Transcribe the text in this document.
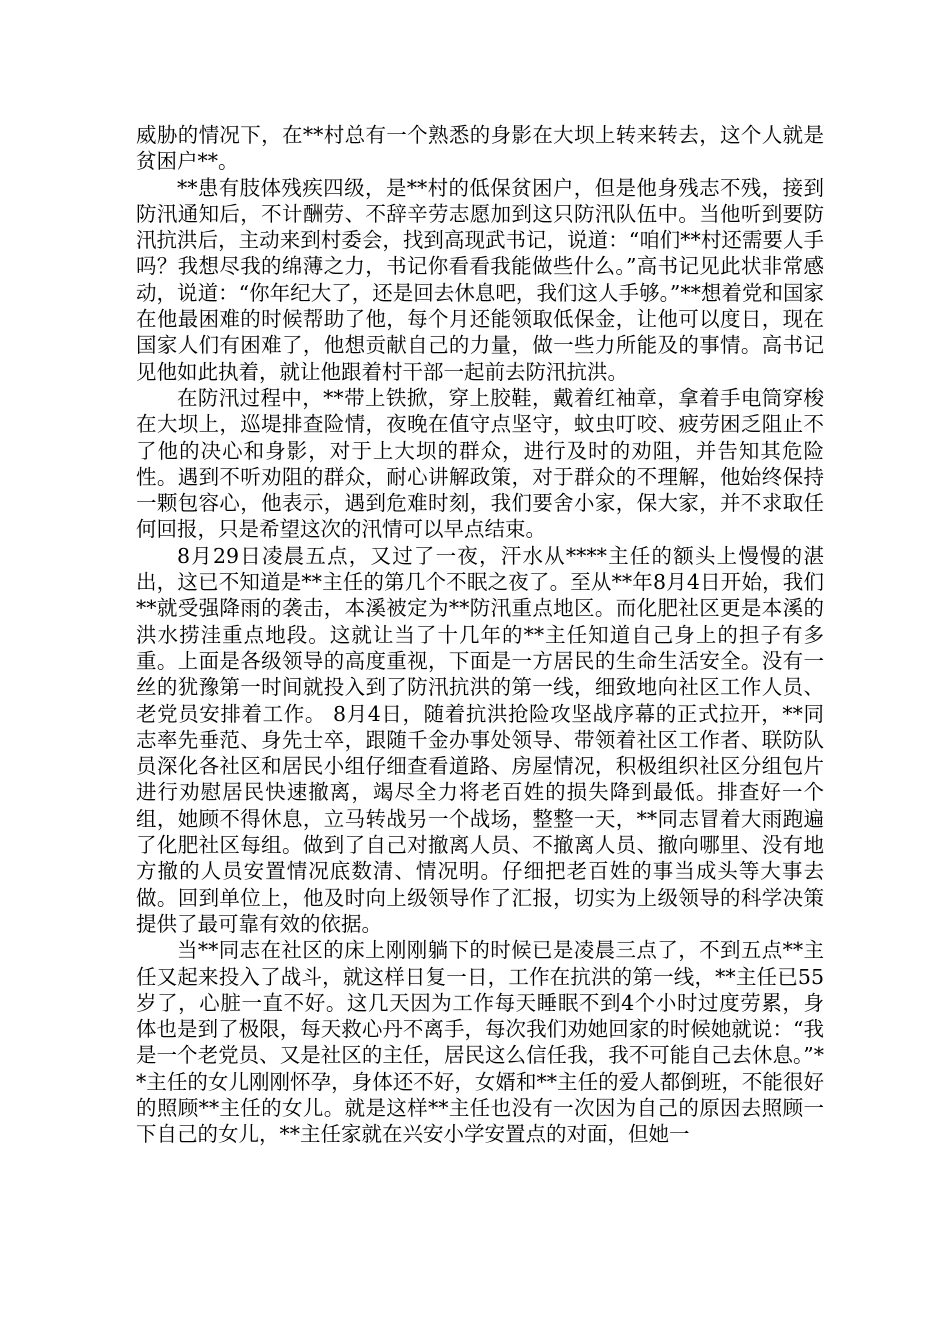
威胁的情况下，在**村总有一个熟悉的身影在大坝上转来转去，这个人就是贫困户**。

**患有肢体残疾四级，是**村的低保贫困户，但是他身残志不残，接到防汛通知后，不计酬劳、不辞辛劳志愿加到这只防汛队伍中。当他听到要防汛抗洪后，主动来到村委会，找到高现武书记，说道：“咱们**村还需要人手吗？我想尽我的绵薄之力，书记你看看我能做些什么。”高书记见此状非常感动，说道：“你年纪大了，还是回去休息吧，我们这人手够。”**想着党和国家在他最困难的时候帮助了他，每个月还能领取低保金，让他可以度日，现在国家人们有困难了，他想贡献自己的力量，做一些力所能及的事情。高书记见他如此执着，就让他跟着村干部一起前去防汛抗洪。

在防汛过程中，**带上铁掀，穿上胶鞋，戴着红袖章，拿着手电筒穿梭在大坝上，巡堤排查险情，夜晚在值守点坚守，蚊虫叮咬、疲劳困乏阻止不了他的决心和身影，对于上大坝的群众，进行及时的劝阻，并告知其危险性。遇到不听劝阻的群众，耐心讲解政策，对于群众的不理解，他始终保持一颗包容心，他表示，遇到危难时刻，我们要舍小家，保大家，并不求取任何回报，只是希望这次的汛情可以早点结束。

8月29日凌晨五点，又过了一夜，汗水从****主任的额头上慢慢的湛出，这已不知道是**主任的第几个不眠之夜了。至从**年8月4日开始，我们**就受强降雨的袭击，本溪被定为**防汛重点地区。而化肥社区更是本溪的洪水捞洼重点地段。这就让当了十几年的**主任知道自己身上的担子有多重。上面是各级领导的高度重视，下面是一方居民的生命生活安全。没有一丝的犹豫第一时间就投入到了防汛抗洪的第一线，细致地向社区工作人员、老党员安排着工作。 8月4日，随着抗洪抢险攻坚战序幕的正式拉开，**同志率先垂范、身先士卒，跟随千金办事处领导、带领着社区工作者、联防队员深化各社区和居民小组仔细查看道路、房屋情况，积极组织社区分组包片进行劝慰居民快速撤离，竭尽全力将老百姓的损失降到最低。排查好一个组，她顾不得休息，立马转战另一个战场，整整一天，**同志冒着大雨跑遍了化肥社区每组。做到了自己对撤离人员、不撤离人员、撤向哪里、没有地方撤的人员安置情况底数清、情况明。仔细把老百姓的事当成头等大事去做。回到单位上，他及时向上级领导作了汇报，切实为上级领导的科学决策提供了最可靠有效的依据。

当**同志在社区的床上刚刚躺下的时候已是凌晨三点了，不到五点**主任又起来投入了战斗，就这样日复一日，工作在抗洪的第一线，**主任已55岁了，心脏一直不好。这几天因为工作每天睡眠不到4个小时过度劳累，身体也是到了极限，每天救心丹不离手，每次我们劝她回家的时候她就说：“我是一个老党员、又是社区的主任，居民这么信任我，我不可能自己去休息。”**主任的女儿刚刚怀孕，身体还不好，女婿和**主任的爱人都倒班，不能很好的照顾**主任的女儿。就是这样**主任也没有一次因为自己的原因去照顾一下自己的女儿，**主任家就在兴安小学安置点的对面，但她一
